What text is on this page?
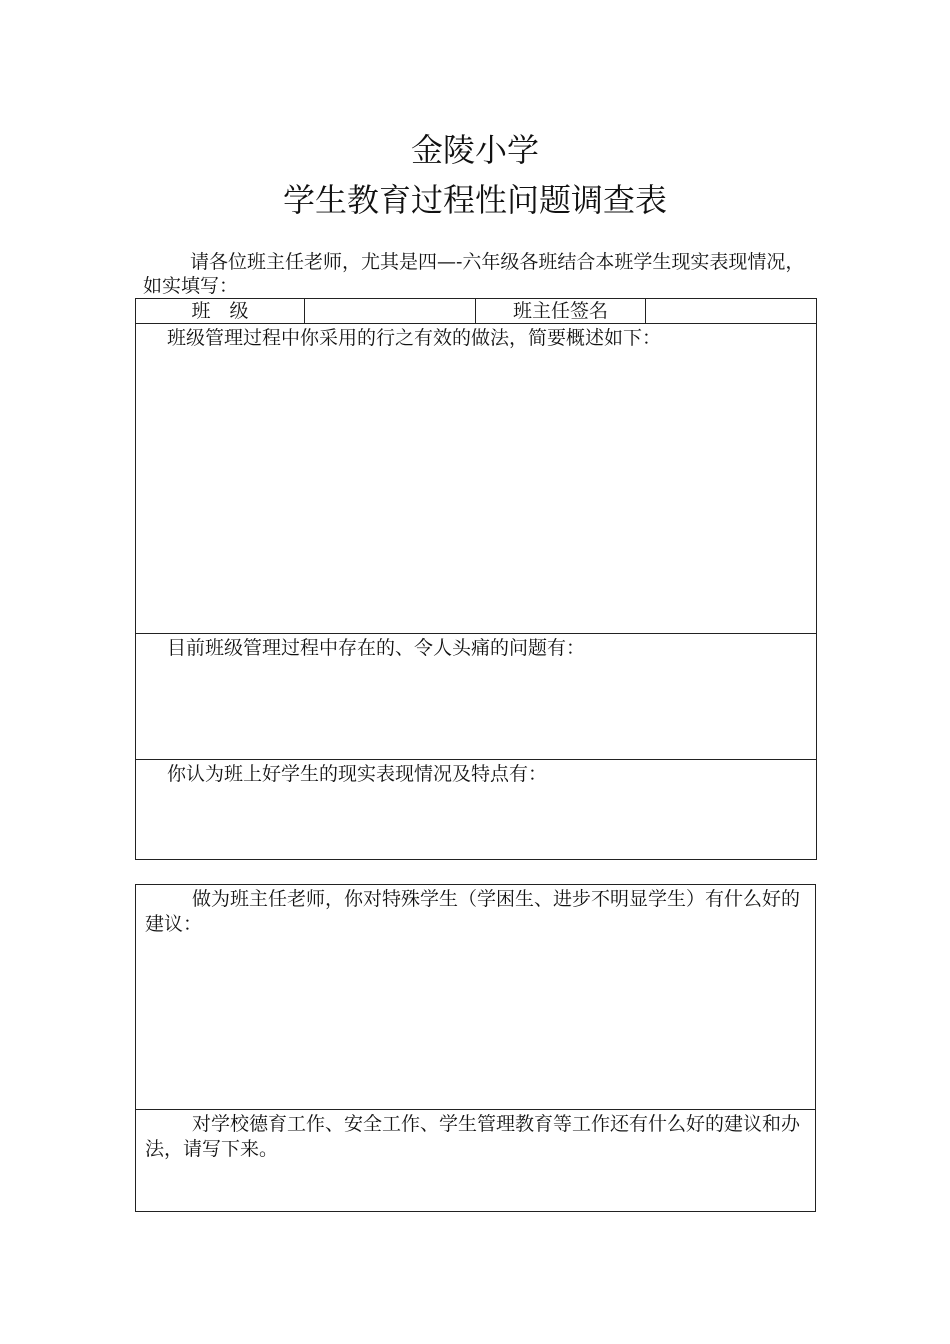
金陵小学
学生教育过程性问题调查表
请各位班主任老师，尤其是四—-六年级各班结合本班学生现实表现情况，如实填写：
班　级		班主任签名	

班级管理过程中你采用的行之有效的做法，简要概述如下：

目前班级管理过程中存在的、令人头痛的问题有：

你认为班上好学生的现实表现情况及特点有：
做为班主任老师，你对特殊学生（学困生、进步不明显学生）有什么好的建议：

对学校德育工作、安全工作、学生管理教育等工作还有什么好的建议和办法，请写下来。
